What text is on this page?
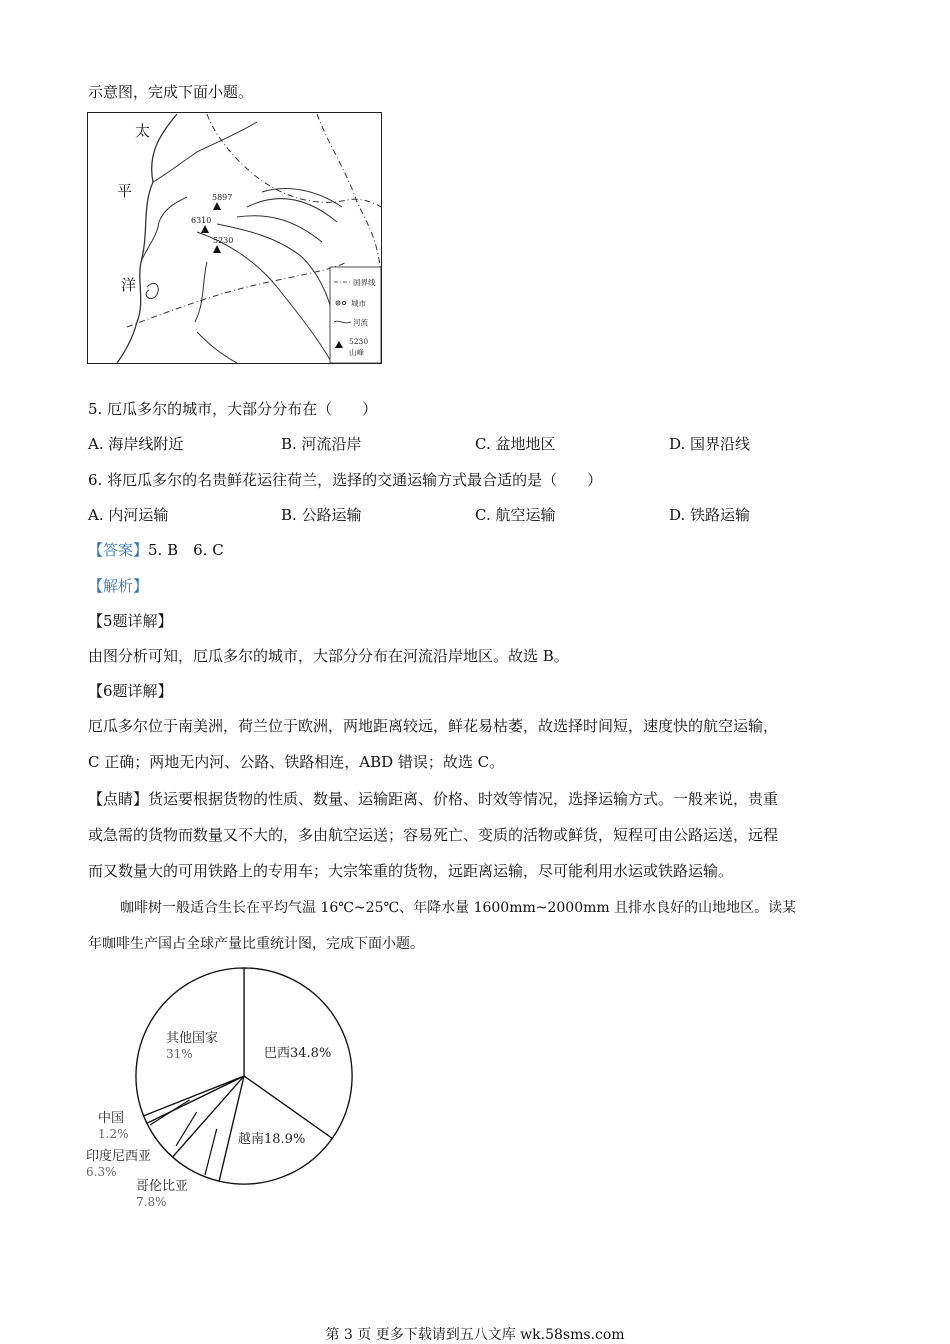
示意图，完成下面小题。
太
平
洋
5897
6310
5230
国界线
城市
河流
5230
山峰
5. 厄瓜多尔的城市，大部分分布在（　　）
A. 海岸线附近	B. 河流沿岸	C. 盆地地区	D. 国界沿线
6. 将厄瓜多尔的名贵鲜花运往荷兰，选择的交通运输方式最合适的是（　　）
A. 内河运输	B. 公路运输	C. 航空运输	D. 铁路运输
【答案】5. B　6. C
【解析】
【5题详解】
由图分析可知，厄瓜多尔的城市，大部分分布在河流沿岸地区。故选 B。
【6题详解】
厄瓜多尔位于南美洲，荷兰位于欧洲，两地距离较远，鲜花易枯萎，故选择时间短，速度快的航空运输，
C 正确；两地无内河、公路、铁路相连，ABD 错误；故选 C。
【点睛】货运要根据货物的性质、数量、运输距离、价格、时效等情况，选择运输方式。一般来说，贵重
或急需的货物而数量又不大的，多由航空运送；容易死亡、变质的活物或鲜货，短程可由公路运送，远程
而又数量大的可用铁路上的专用车；大宗笨重的货物，远距离运输，尽可能利用水运或铁路运输。
咖啡树一般适合生长在平均气温 16℃~25℃、年降水量 1600mm~2000mm 且排水良好的山地地区。读某
年咖啡生产国占全球产量比重统计图，完成下面小题。
巴西34.8%
越南18.9%
哥伦比亚
7.8%
印度尼西亚
6.3%
中国
1.2%
其他国家
31%
第 3 页 更多下载请到五八文库 wk.58sms.com
